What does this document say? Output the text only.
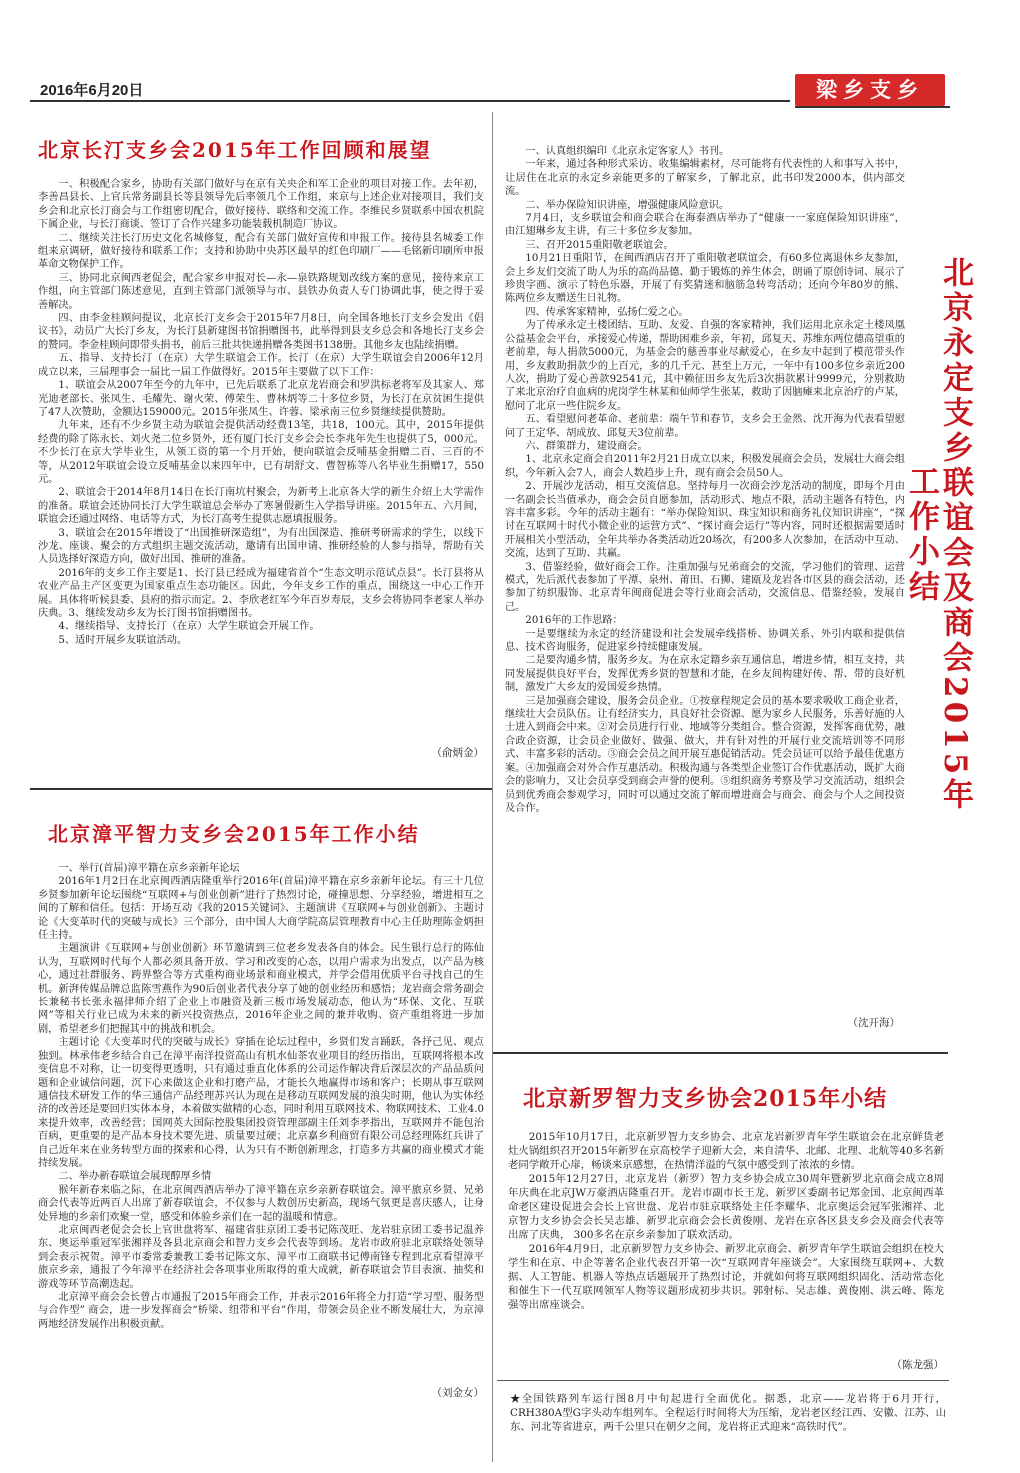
2016年6月20日	梁乡支乡
北京长汀支乡会2015年工作回顾和展望

一、积极配合家乡，协助有关部门做好与在京有关央企和军工企业的项目对接工作。去年初，李善昌县长、上官兵常务副县长等县领导先后率领几个工作组，来京与上述企业对接项目，我们支乡会和北京长汀商会与工作组密切配合，做好接待、联络和交流工作。李维民乡贤联系中国农机院下属企业，与长汀商谈、签订了合作兴建多功能装载机制造厂协议。

二、继续关注长汀历史文化名城修复，配合有关部门做好宣传和申报工作。接待县名城委工作组来京调研，做好接待和联系工作；支持和协助中央苏区最早的红色印刷厂——毛铭新印刷所申报革命文物保护工作。

三、协同北京闽西老促会，配合家乡申报对长—永—泉铁路规划改线方案的意见，接待来京工作组，向主管部门陈述意见，直到主管部门派领导与市、县铁办负责人专门协调此事，使之得于妥善解决。

四、由李金桂顾问提议，北京长汀支乡会于2015年7月8日，向全国各地长汀支乡会发出《倡议书》，动员广大长汀乡友，为长汀县新建图书馆捐赠图书，此举得到县支乡总会和各地长汀支乡会的赞同。李金桂顾问即带头捐书，前后三批共快递捐赠各类图书138册。其他乡友也陆续捐赠。

五、指导、支持长汀（在京）大学生联谊会工作。长汀（在京）大学生联谊会自2006年12月成立以来，三届理事会一届比一届工作做得好。2015年主要做了以下工作：

1、联谊会从2007年至今的九年中，已先后联系了北京龙岩商会和罗洪标老将军及其家人、郑光迪老部长、张凤生、毛耀先、谢火荣、傅荣生、曹林炳等二十多位乡贤，为长汀在京贫困生提供了47人次赞助，金额达159000元。2015年张凤生、许蓉、梁承南三位乡贤继续提供赞助。

九年来，还有不少乡贤主动为联谊会提供活动经费13笔，共18，100元。其中，2015年提供经费的除了陈永长、刘火尧二位乡贤外，还有厦门长汀支乡会会长李兆年先生也提供了5，000元。不少长汀在京大学毕业生，从领工资的第一个月开始，便向联谊会反哺基金捐赠二百、三百的不等，从2012年联谊会设立反哺基金以来四年中，已有胡舒文、曹智栋等八名毕业生捐赠17，550元。

2、联谊会于2014年8月14日在长汀南坑村聚会，为新考上北京各大学的新生介绍上大学需作的准备。联谊会还协同长汀大学生联谊总会举办了寒暑假新生入学指导讲座。2015年五、六月间，联谊会还通过网络、电话等方式，为长汀高考生提供志愿填报服务。

3、联谊会在2015年增设了“出国推研深造组”，为有出国深造、推研考研需求的学生，以线下沙龙、座谈、聚会的方式组织主题交流活动，邀请有出国申请、推研经验的人参与指导，帮助有关人员选择好深造方向，做好出国、推研的准备。

2016年的支乡工作主要是1、长汀县已经成为福建省首个“生态文明示范试点县”。长汀县将从农业产品主产区变更为国家重点生态功能区。因此，今年支乡工作的重点，围绕这一中心工作开展。具体将听候县委、县府的指示而定。2、李欣老红军今年百岁寿辰，支乡会将协同李老家人举办庆典。3、继续发动乡友为长汀图书馆捐赠图书。

4、继续指导、支持长汀（在京）大学生联谊会开展工作。

5、适时开展乡友联谊活动。

（俞炳金）
北京漳平智力支乡会2015年工作小结

一、举行(首届)漳平籍在京乡亲新年论坛

2016年1月2日在北京闽西酒店隆重举行2016年(首届)漳平籍在京乡亲新年论坛。有三十几位乡贤参加新年论坛围绕“互联网+与创业创新”进行了热烈讨论，碰撞思想、分享经验，增进相互之间的了解和信任。包括：开场互动《我的2015关键词》、主题演讲《互联网+与创业创新》、主题讨论《大变革时代的突破与成长》三个部分，由中国人大商学院高层管理教育中心主任助理陈金炳担任主持。

主题演讲《互联网+与创业创新》环节邀请到三位老乡发表各自的体会。民生银行总行的陈仙认为，互联网时代每个人都必须具备开放、学习和改变的心态，以用户需求为出发点，以产品为核心，通过社群服务、跨界整合等方式重构商业场景和商业模式，并学会借用优质平台寻找自己的生机。新湃传媒品牌总监陈雪燕作为90后创业者代表分享了她的创业经历和感悟；龙岩商会常务副会长兼秘书长张永福律师介绍了企业上市融资及新三板市场发展动态，他认为“环保、文化、互联网”等相关行业已成为未来的新兴投资热点，2016年企业之间的兼并收购、资产重组将进一步加剧，希望老乡们把握其中的挑战和机会。

主题讨论《大变革时代的突破与成长》穿插在论坛过程中，乡贤们发言踊跃，各抒己见、观点独到。林承伟老乡结合自己在漳平南洋投资高山有机水仙茶农业项目的经历指出，互联网将根本改变信息不对称，让一切变得更透明，只有通过垂直化体系的公司运作解决背后深层次的产品品质问题和企业诚信问题，沉下心来做这企业和打磨产品，才能长久地赢得市场和客户；长期从事互联网通信技术研发工作的华三通信产品经理苏兴认为现在是移动互联网发展的浪尖时期，他认为实体经济的改善还是要回归实体本身，本着做实做精的心态，同时利用互联网技术、物联网技术、工业4.0来提升效率，改善经营；国网英大国际控股集团投资管理部副主任刘李孝指出，互联网并不能包治百病，更重要的是产品本身技术要先进、质量要过硬；北京嘉乡利商贸有限公司总经理陈红兵讲了自己近年来在业务转型方面的探索和心得，认为只有不断创新理念，打造多方共赢的商业模式才能持续发展。

二、举办新春联谊会展现醇厚乡情

猴年新春来临之际，在北京闽西酒店举办了漳平籍在京乡亲新春联谊会。漳平旅京乡贤、兄弟商会代表等近两百人出席了新春联谊会，不仅参与人数创历史新高，现场气氛更是喜庆感人，让身处异地的乡亲们欢聚一堂，感受和体验乡亲们在一起的温暖和情意。

北京闽西老促会会长上官世盘将军、福建省驻京团工委书记陈茂旺、龙岩驻京团工委书记温养东、奥运举重冠军张湘祥及各县北京商会和智力支乡会代表等到场。龙岩市政府驻北京联络处领导到会表示祝贺。漳平市委常委兼教工委书记陈文东、漳平市工商联书记傅南锋专程到北京看望漳平旅京乡亲，通报了今年漳平在经济社会各项事业所取得的重大成就，新春联谊会节目表演、抽奖和游戏等环节高潮迭起。

北京漳平商会会长曾占市通报了2015年商会工作，并表示2016年将全力打造“学习型、服务型与合作型” 商会，进一步发挥商会“桥梁、纽带和平台”作用，带领会员企业不断发展壮大，为京漳两地经济发展作出积极贡献。

（刘金女）

一、认真组织编印《北京永定客家人》书刊。

一年来，通过各种形式采访、收集编辑素材，尽可能将有代表性的人和事写入书中，让居住在北京的永定乡亲能更多的了解家乡，了解北京，此书印发2000本，供内部交流。

二、举办保险知识讲座，增强健康风险意识。

7月4日，支乡联谊会和商会联合在海泰酒店举办了“健康一一家庭保险知识讲座”，由江翅琳乡友主讲，有三十多位乡友参加。

三、召开2015重阳敬老联谊会。

10月21日重阳节，在闽西酒店召开了重阳敬老联谊会，有60多位离退休乡友参加，会上乡友们交流了助人为乐的高尚品德、勤于锻炼的养生体会，朗诵了原创诗词、展示了珍贵字画、演示了特色乐器，开展了有奖猜迷和脑筋急转弯活动；还向今年80岁的熊、陈两位乡友赠送生日礼物。

四、传承客家精神，弘扬仁爱之心。

为了传承永定土楼团结、互助、友爱、自强的客家精神，我们运用北京永定土楼凤凰公益基金会平台，承接爱心传递，帮助困难乡亲，年初，邱复天、苏维东两位德高望重的老前辈，每人捐款5000元，为基金会的慈善事业尽献爱心，在乡友中起到了模范带头作用，乡友救助捐款少的上百元，多的几千元、甚至上万元，一年中有100多位乡亲近200人次，捐助了爱心善款92541元，其中赖征田乡友先后3次捐款累计9999元，分别救助了来北京治疗自血病的虎岗学生林某和仙师学生张某，救助了因脑瘫来北京治疗的卢某，慰问了北京一些住院乡友。

五、看望慰问老革命、老前辈：端午节和春节，支乡会王金然、沈开海为代表看望慰问了王定华、胡成放、邱复天3位前辈。

六、群策群力，建设商会。

1、北京永定商会自2011年2月21日成立以来，积极发展商会会员，发展壮大商会组织，今年新入会7人，商会人数趋步上升，现有商会会员50人。

2、开展沙龙活动，相互交流信息。坚持每月一次商会沙龙活动的制度，即每个月由一名副会长当值承办，商会会员自愿参加，活动形式、地点不限，活动主题各有特色，内容丰富多彩。今年的活动主题有：“举办保险知识、珠宝知识和商务礼仪知识讲座”，“探讨在互联网十时代小微企业的运营方式”、“探讨商会运行”等内容，同时还根据需要适时开展相关小型活动，全年共举办各类活动近20场次，有200多人次参加，在活动中互动、交流，达到了互助、共赢。

3、借鉴经验，做好商会工作。注重加强与兄弟商会的交流，学习他们的管理、运营模式，先后派代表参加了平潭、泉州、莆田、石狮、建瓯及龙岩各市区县的商会活动，还参加了纺织服饰、北京青年闽商促进会等行业商会活动，交流信息、借鉴经验，发展自己。

2016年的工作思路：

一是要继续为永定的经济建设和社会发展牵线搭桥、协调关系、外引内联和提供信息、技术咨询服务，促进家乡持续健康发展。

二是要沟通乡情，服务乡友。为在京永定籍乡亲互通信息，增进乡情，相互支持，共同发展提供良好平台，发挥优秀乡贤的智慧和才能，在乡友间构建好传、帮、带的良好机制，激发广大乡友的爱国爱乡热情。

三是加强商会建设，服务会员企业。①按章程规定会员的基本要求吸收工商企业者，继续壮大会员队伍。让有经济实力，具良好社会资源、愿为家乡人民服务，乐善好施的人士进入到商会中来。②对会员进行行业、地域等分类组合。整合资源，发挥客商优势，融合政企资源，让会员企业做好、做强、做大，并有针对性的开展行业交流培训等不同形式、丰富多彩的活动。③商会会员之间开展互惠促销活动。凭会员证可以给予最佳优惠方案。④加强商会对外合作互惠活动。积极沟通与各类型企业签订合作优惠活动，既扩大商会的影响力，又让会员享受到商会声誉的便利。⑤组织商务考察及学习交流活动，组织会员到优秀商会参观学习，同时可以通过交流了解而增进商会与商会、商会与个人之间投资及合作。	北京永定支乡联谊会及商会2015年工作小结
（沈开海）
北京新罗智力支乡协会2015年小结

2015年10月17日，北京新罗智力支乡协会、北京龙岩新罗青年学生联谊会在北京鲜货老灶火锅组织召开2015年新罗在京高校学子迎新大会，来自清华、北邮、北理、北航等40多名新老同学敞开心扉，畅谈来京感想，在热情洋溢的气氛中感受到了浓浓的乡情。

2015年12月27日，北京龙岩（新罗）智力支乡协会成立30周年暨新罗北京商会成立8周年庆典在北京JW万豪酒店隆重召开。龙岩市副市长王龙、新罗区委副书记郑金国、北京闽西革命老区建设促进会会长上官世盘、龙岩市驻京联络处主任李耀华、北京奥运会冠军张湘祥、北京智力支乡协会会长吴志雄、新罗北京商会会长黄俊刚、龙岩在京各区县支乡会及商会代表等出席了庆典， 300多名在京乡亲参加了联欢活动。

2016年4月9日，北京新罗智力支乡协会、新罗北京商会、新罗青年学生联谊会组织在校大学生和在京、中企等著名企业代表召开第一次“互联网青年座谈会”。大家围绕互联网+、大数据、人工智能、机器人等热点话题展开了热烈讨论，并就如何将互联网组织固化、活动常态化和催生下一代互联网领军人物等议题形成初步共识。郭射标、吴志雄、黄俊刚、洪云峰、陈龙强等出席座谈会。

（陈龙强）

★全国铁路列车运行图8月中旬起进行全面优化。据悉，北京——龙岩将于6月开行，CRH380A型G字头动车组列车。全程运行时间将大为压缩，龙岩老区经江西、安徽、江苏、山东、河北等省进京，两千公里只在朝夕之间，龙岩将正式迎来“高铁时代”。
